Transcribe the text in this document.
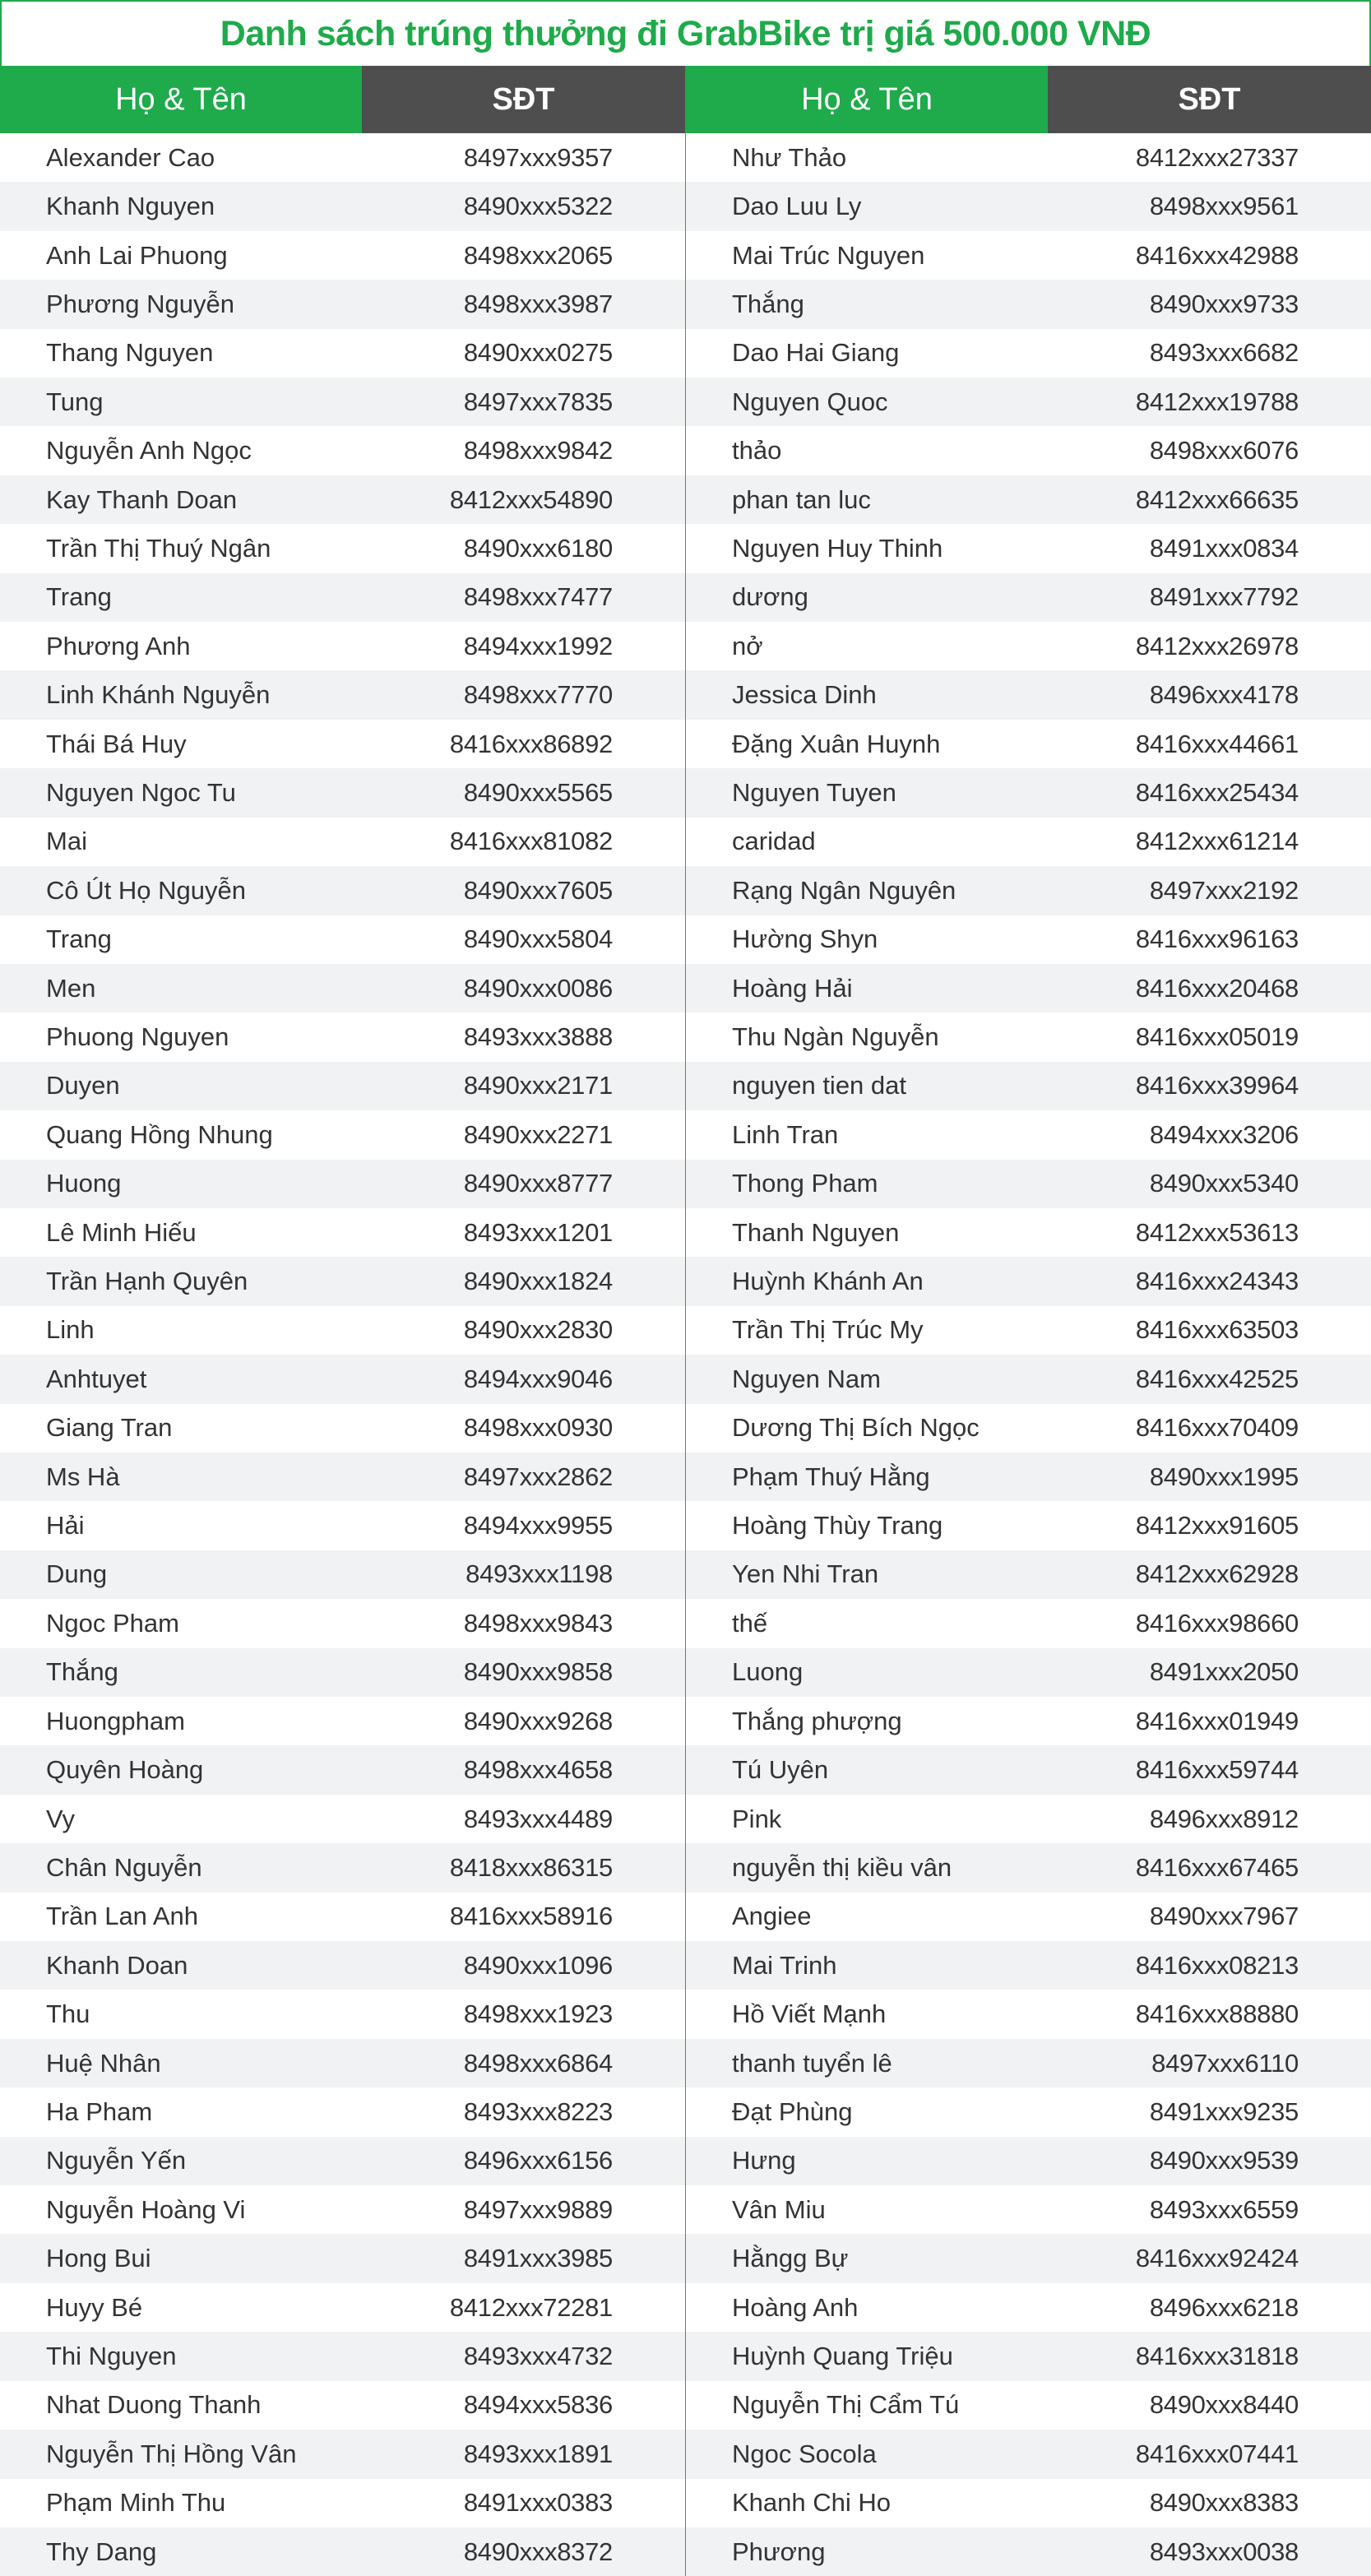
Danh sách trúng thưởng đi GrabBike trị giá 500.000 VNĐ
Họ & Tên	SĐT
Alexander Cao	8497xxx9357
Khanh Nguyen	8490xxx5322
Anh Lai Phuong	8498xxx2065
Phương Nguyễn	8498xxx3987
Thang Nguyen	8490xxx0275
Tung	8497xxx7835
Nguyễn Anh Ngọc	8498xxx9842
Kay Thanh Doan	8412xxx54890
Trần Thị Thuý Ngân	8490xxx6180
Trang	8498xxx7477
Phương Anh	8494xxx1992
Linh Khánh Nguyễn	8498xxx7770
Thái Bá Huy	8416xxx86892
Nguyen Ngoc Tu	8490xxx5565
Mai	8416xxx81082
Cô Út Họ Nguyễn	8490xxx7605
Trang	8490xxx5804
Men	8490xxx0086
Phuong Nguyen	8493xxx3888
Duyen	8490xxx2171
Quang Hồng Nhung	8490xxx2271
Huong	8490xxx8777
Lê Minh Hiếu	8493xxx1201
Trần Hạnh Quyên	8490xxx1824
Linh	8490xxx2830
Anhtuyet	8494xxx9046
Giang Tran	8498xxx0930
Ms Hà	8497xxx2862
Hải	8494xxx9955
Dung	8493xxx1198
Ngoc Pham	8498xxx9843
Thắng	8490xxx9858
Huongpham	8490xxx9268
Quyên Hoàng	8498xxx4658
Vy	8493xxx4489
Chân Nguyễn	8418xxx86315
Trần Lan Anh	8416xxx58916
Khanh Doan	8490xxx1096
Thu	8498xxx1923
Huệ Nhân	8498xxx6864
Ha Pham	8493xxx8223
Nguyễn Yến	8496xxx6156
Nguyễn Hoàng Vi	8497xxx9889
Hong Bui	8491xxx3985
Huyy Bé	8412xxx72281
Thi Nguyen	8493xxx4732
Nhat Duong Thanh	8494xxx5836
Nguyễn Thị Hồng Vân	8493xxx1891
Phạm Minh Thu	8491xxx0383
Thy Dang	8490xxx8372
Họ & Tên	SĐT
Như Thảo	8412xxx27337
Dao Luu Ly	8498xxx9561
Mai Trúc Nguyen	8416xxx42988
Thắng	8490xxx9733
Dao Hai Giang	8493xxx6682
Nguyen Quoc	8412xxx19788
thảo	8498xxx6076
phan tan luc	8412xxx66635
Nguyen Huy Thinh	8491xxx0834
dương	8491xxx7792
nở	8412xxx26978
Jessica Dinh	8496xxx4178
Đặng Xuân Huynh	8416xxx44661
Nguyen Tuyen	8416xxx25434
caridad	8412xxx61214
Rạng Ngân Nguyên	8497xxx2192
Hường Shyn	8416xxx96163
Hoàng Hải	8416xxx20468
Thu Ngàn Nguyễn	8416xxx05019
nguyen tien dat	8416xxx39964
Linh Tran	8494xxx3206
Thong Pham	8490xxx5340
Thanh Nguyen	8412xxx53613
Huỳnh Khánh An	8416xxx24343
Trần Thị Trúc My	8416xxx63503
Nguyen Nam	8416xxx42525
Dương Thị Bích Ngọc	8416xxx70409
Phạm Thuý Hằng	8490xxx1995
Hoàng Thùy Trang	8412xxx91605
Yen Nhi Tran	8412xxx62928
thế	8416xxx98660
Luong	8491xxx2050
Thắng phượng	8416xxx01949
Tú Uyên	8416xxx59744
Pink	8496xxx8912
nguyễn thị kiều vân	8416xxx67465
Angiee	8490xxx7967
Mai Trinh	8416xxx08213
Hồ Viết Mạnh	8416xxx88880
thanh tuyển lê	8497xxx6110
Đạt Phùng	8491xxx9235
Hưng	8490xxx9539
Vân Miu	8493xxx6559
Hằngg Bự	8416xxx92424
Hoàng Anh	8496xxx6218
Huỳnh Quang Triệu	8416xxx31818
Nguyễn Thị Cẩm Tú	8490xxx8440
Ngoc Socola	8416xxx07441
Khanh Chi Ho	8490xxx8383
Phương	8493xxx0038
